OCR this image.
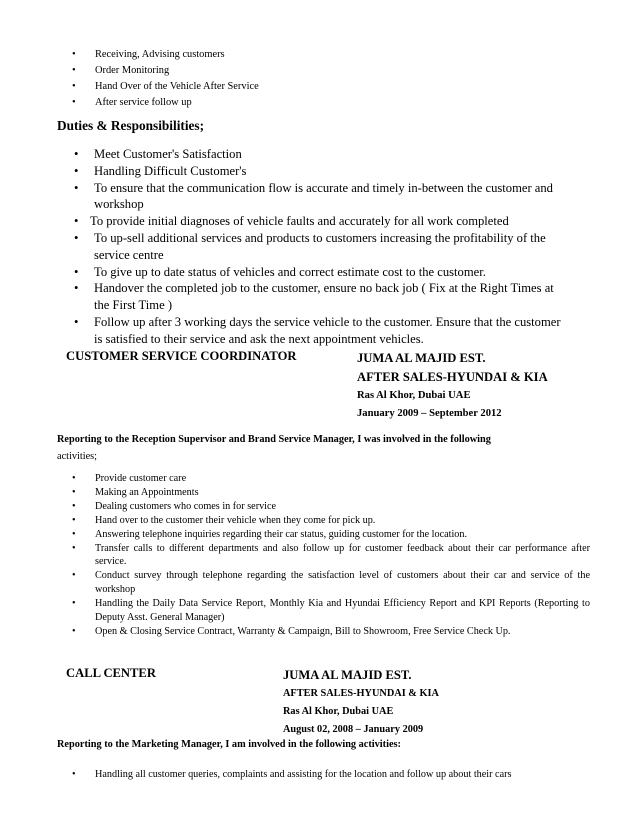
• Receiving, Advising customers
• Order Monitoring
• Hand Over of the Vehicle After Service
• After service follow up
Duties & Responsibilities;
• Meet Customer's Satisfaction
• Handling Difficult Customer's
• To ensure that the communication flow is accurate and timely in-between the customer and workshop
• To provide initial diagnoses of vehicle faults and accurately for all work completed
• To up-sell additional services and products to customers increasing the profitability of the service centre
• To give up to date status of vehicles and correct estimate cost to the customer.
• Handover the completed job to the customer, ensure no back job ( Fix at the Right Times at the First Time )
• Follow up after 3 working days the service vehicle to the customer. Ensure that the customer is satisfied to their service and ask the next appointment vehicles.
CUSTOMER SERVICE COORDINATOR	JUMA AL MAJID EST.
AFTER SALES-HYUNDAI & KIA
Ras Al Khor, Dubai UAE
January 2009 – September 2012
Reporting to the Reception Supervisor and Brand Service Manager, I was involved in the following
activities;
• Provide customer care
• Making an Appointments
• Dealing customers who comes in for service
• Hand over to the customer their vehicle when they come for pick up.
• Answering telephone inquiries regarding their car status, guiding customer for the location.
• Transfer calls to different departments and also follow up for customer feedback about their car performance after service.
• Conduct survey through telephone regarding the satisfaction level of customers about their car and service of the workshop
• Handling the Daily Data Service Report, Monthly Kia and Hyundai Efficiency Report and KPI Reports (Reporting to Deputy Asst. General Manager)
• Open & Closing Service Contract, Warranty & Campaign, Bill to Showroom, Free Service Check Up.
CALL CENTER	JUMA AL MAJID EST.
AFTER SALES-HYUNDAI & KIA
Ras Al Khor, Dubai UAE
August 02, 2008 – January 2009
Reporting to the Marketing Manager, I am involved in the following activities:
• Handling all customer queries, complaints and assisting for the location and follow up about their cars
